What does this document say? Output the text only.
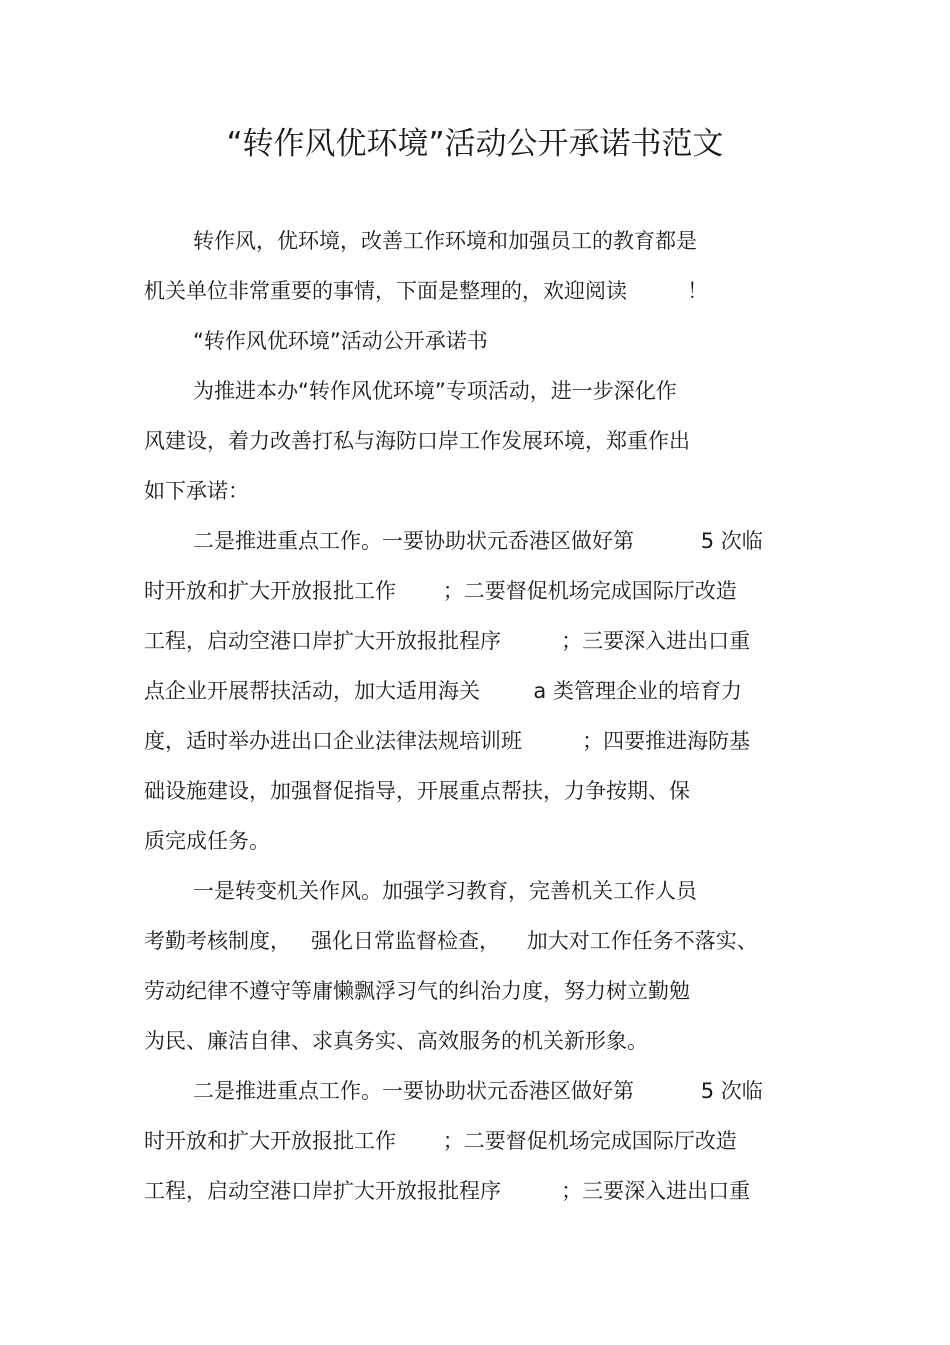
“转作风优环境”活动公开承诺书范文
转作风，优环境，改善工作环境和加强员工的教育都是
机关单位非常重要的事情，下面是整理的，欢迎阅读         ！
“转作风优环境”活动公开承诺书
为推进本办“转作风优环境”专项活动，进一步深化作
风建设，着力改善打私与海防口岸工作发展环境，郑重作出
如下承诺：
二是推进重点工作。一要协助状元岙港区做好第          5 次临
时开放和扩大开放报批工作       ；二要督促机场完成国际厅改造
工程，启动空港口岸扩大开放报批程序         ；三要深入进出口重
点企业开展帮扶活动，加大适用海关        a 类管理企业的培育力
度，适时举办进出口企业法律法规培训班         ；四要推进海防基
础设施建设，加强督促指导，开展重点帮扶，力争按期、保
质完成任务。
一是转变机关作风。加强学习教育，完善机关工作人员
考勤考核制度，   强化日常监督检查，    加大对工作任务不落实、
劳动纪律不遵守等庸懒飘浮习气的纠治力度，努力树立勤勉
为民、廉洁自律、求真务实、高效服务的机关新形象。
二是推进重点工作。一要协助状元岙港区做好第          5 次临
时开放和扩大开放报批工作       ；二要督促机场完成国际厅改造
工程，启动空港口岸扩大开放报批程序         ；三要深入进出口重
